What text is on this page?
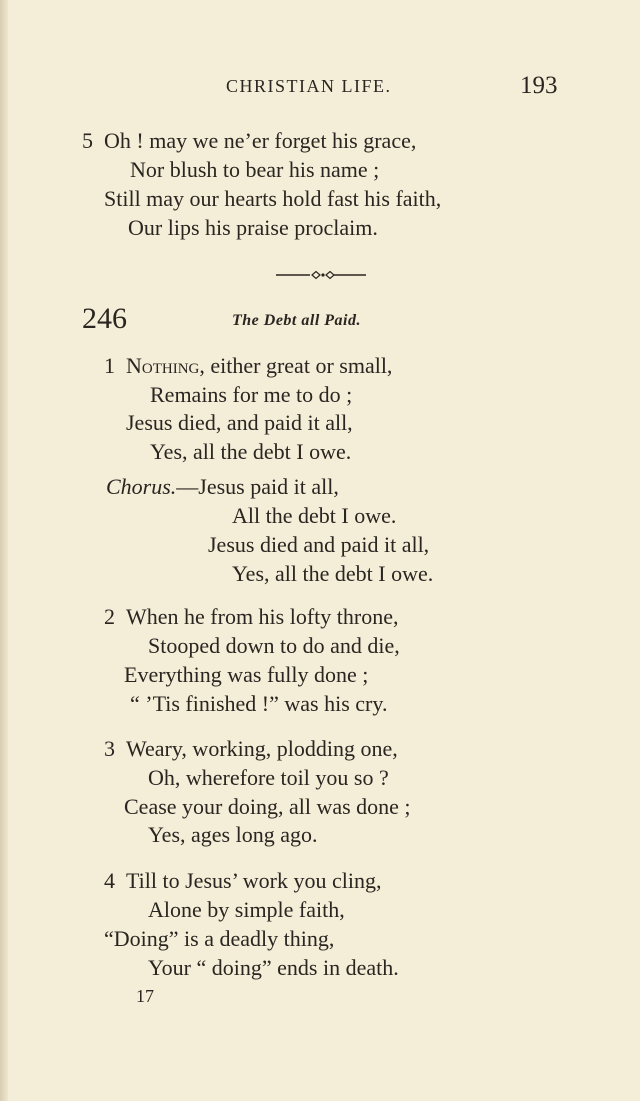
CHRISTIAN LIFE.	193
5 Oh ! may we ne’er forget his grace,
Nor blush to bear his name ;
Still may our hearts hold fast his faith,
Our lips his praise proclaim.
246	The Debt all Paid.
1 Nothing, either great or small,
Remains for me to do ;
Jesus died, and paid it all,
Yes, all the debt I owe.
Chorus.—Jesus paid it all,
All the debt I owe.
Jesus died and paid it all,
Yes, all the debt I owe.
2 When he from his lofty throne,
Stooped down to do and die,
Everything was fully done ;
“ ’Tis finished !” was his cry.
3 Weary, working, plodding one,
Oh, wherefore toil you so ?
Cease your doing, all was done ;
Yes, ages long ago.
4 Till to Jesus’ work you cling,
Alone by simple faith,
“Doing” is a deadly thing,
Your “ doing” ends in death.
17
